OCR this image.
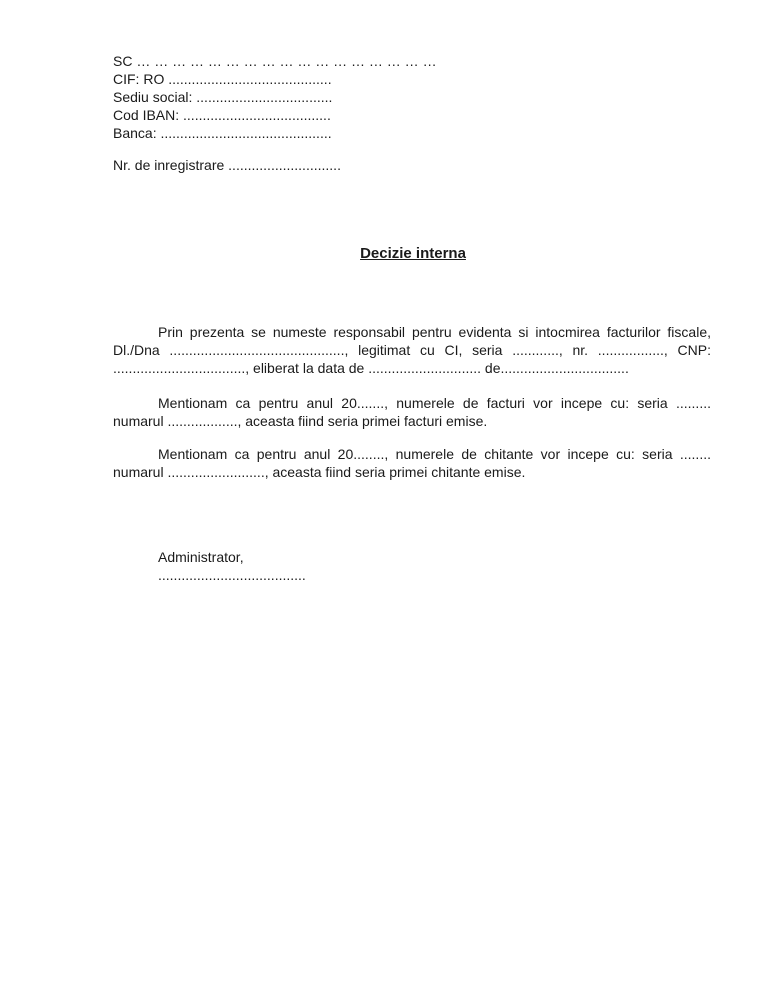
SC … … … … … … … … … … … … … … … … …
CIF: RO ..........................................
Sediu social: ...................................
Cod IBAN: ......................................
Banca: ............................................
Nr. de inregistrare .............................
Decizie interna
Prin prezenta se numeste responsabil pentru evidenta si intocmirea facturilor fiscale, Dl./Dna ............................................., legitimat cu CI, seria ............, nr. ................., CNP: .................................., eliberat la data de ............................. de.................................
Mentionam ca pentru anul 20......., numerele de facturi vor incepe cu: seria ......... numarul .................., aceasta fiind seria primei facturi emise.
Mentionam ca pentru anul 20........, numerele de chitante vor incepe cu: seria ........ numarul ........................., aceasta fiind seria primei chitante emise.
Administrator,
......................................
